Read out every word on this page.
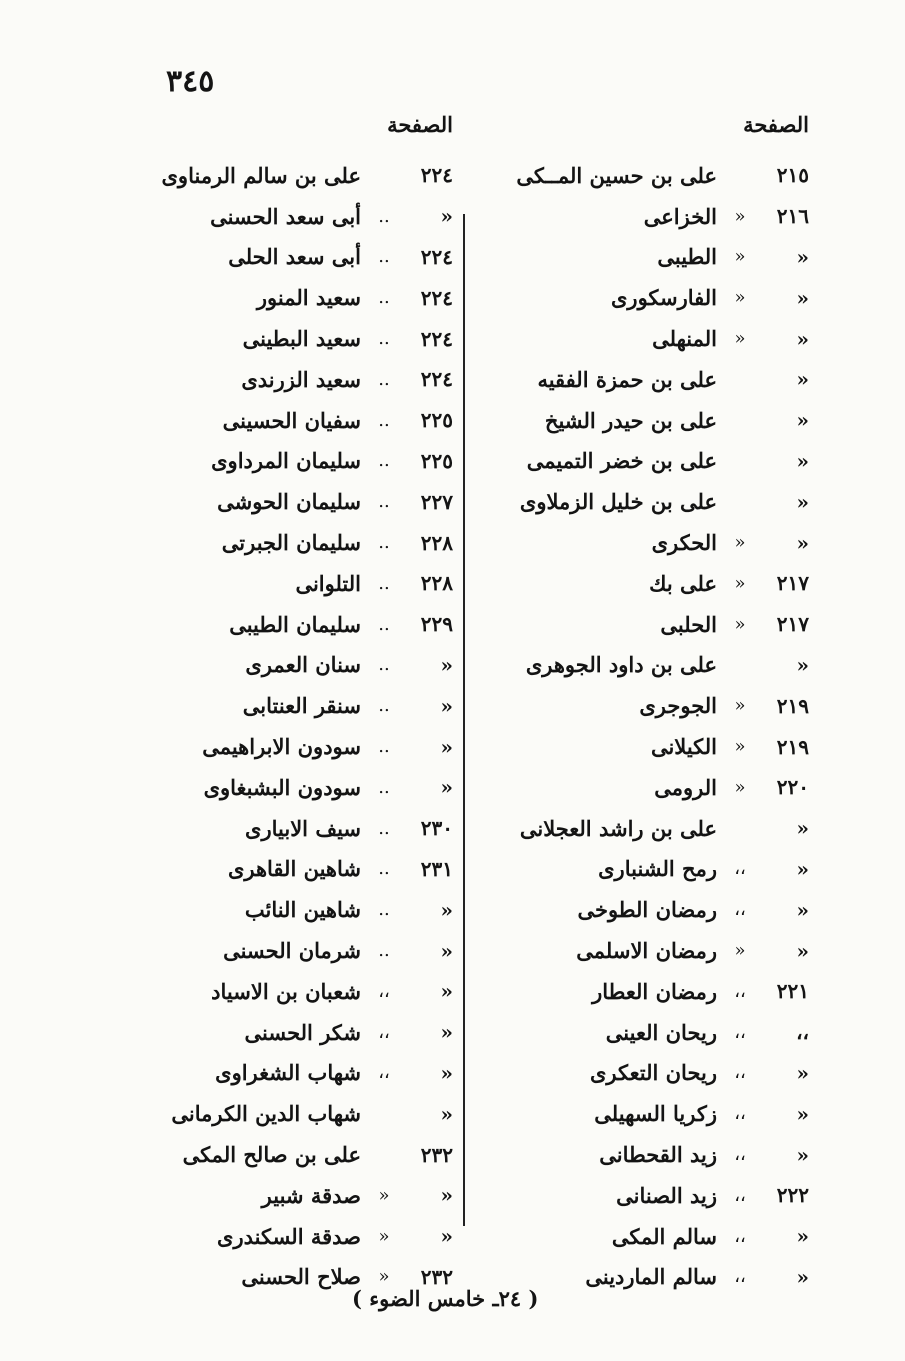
٣٤٥
الصفحة
الصفحة
٢١٥
على بن حسين المــكى
٢١٦
«
الخزاعى
«
«
الطيبى
«
«
الفارسكورى
«
«
المنهلى
«
على بن حمزة الفقيه
«
على بن حيدر الشيخ
«
على بن خضر التميمى
«
على بن خليل الزملاوى
«
«
الحكرى
٢١٧
«
على بك
٢١٧
«
الحلبى
«
على بن داود الجوهرى
٢١٩
«
الجوجرى
٢١٩
«
الكيلانى
٢٢٠
«
الرومى
«
على بن راشد العجلانى
«
،،
رمح الشنبارى
«
،،
رمضان الطوخى
«
«
رمضان الاسلمى
٢٢١
،،
رمضان العطار
،،
،،
ريحان العينى
«
،،
ريحان التعكرى
«
،،
زكريا السهيلى
«
،،
زيد القحطانى
٢٢٢
،،
زيد الصنانى
«
،،
سالم المكى
«
،،
سالم الماردينى
٢٢٤
على بن سالم الرمناوى
«
..
أبى سعد الحسنى
٢٢٤
..
أبى سعد الحلى
٢٢٤
..
سعيد المنور
٢٢٤
..
سعيد البطينى
٢٢٤
..
سعيد الزرندى
٢٢٥
..
سفيان الحسينى
٢٢٥
..
سليمان المرداوى
٢٢٧
..
سليمان الحوشى
٢٢٨
..
سليمان الجبرتى
٢٢٨
..
التلوانى
٢٢٩
..
سليمان الطيبى
«
..
سنان العمرى
«
..
سنقر العنتابى
«
..
سودون الابراهيمى
«
..
سودون البشبغاوى
٢٣٠
..
سيف الابيارى
٢٣١
..
شاهين القاهرى
«
..
شاهين النائب
«
..
شرمان الحسنى
«
،،
شعبان بن الاسياد
«
،،
شكر الحسنى
«
،،
شهاب الشغراوى
«
شهاب الدين الكرمانى
٢٣٢
على بن صالح المكى
«
«
صدقة شبير
«
«
صدقة السكندرى
٢٣٢
«
صلاح الحسنى
( ٢٤ـ خامس الضوء )
